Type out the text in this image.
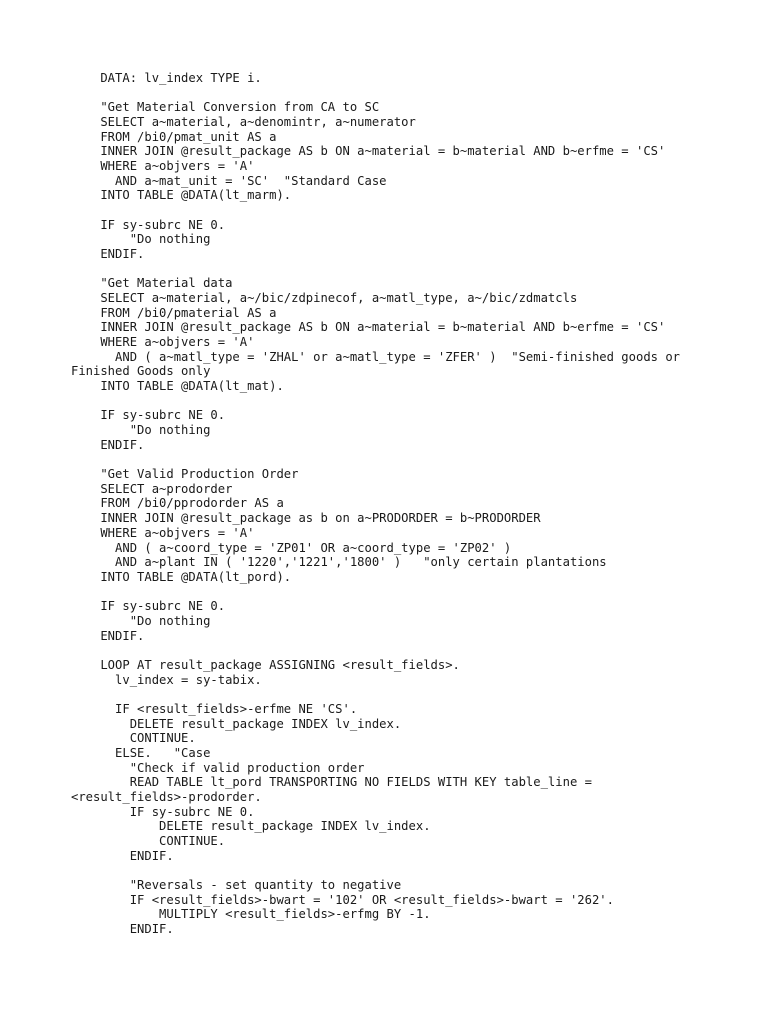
DATA: lv_index TYPE i.
"Get Material Conversion from CA to SC
SELECT a~material, a~denomintr, a~numerator
FROM /bi0/pmat_unit AS a
INNER JOIN @result_package AS b ON a~material = b~material AND b~erfme = 'CS'
WHERE a~objvers = 'A'
AND a~mat_unit = 'SC'  "Standard Case
INTO TABLE @DATA(lt_marm).
IF sy-subrc NE 0.
"Do nothing
ENDIF.
"Get Material data
SELECT a~material, a~/bic/zdpinecof, a~matl_type, a~/bic/zdmatcls
FROM /bi0/pmaterial AS a
INNER JOIN @result_package AS b ON a~material = b~material AND b~erfme = 'CS'
WHERE a~objvers = 'A'
AND ( a~matl_type = 'ZHAL' or a~matl_type = 'ZFER' )  "Semi-finished goods or
Finished Goods only
INTO TABLE @DATA(lt_mat).
IF sy-subrc NE 0.
"Do nothing
ENDIF.
"Get Valid Production Order
SELECT a~prodorder
FROM /bi0/pprodorder AS a
INNER JOIN @result_package as b on a~PRODORDER = b~PRODORDER
WHERE a~objvers = 'A'
AND ( a~coord_type = 'ZP01' OR a~coord_type = 'ZP02' )
AND a~plant IN ( '1220','1221','1800' )   "only certain plantations
INTO TABLE @DATA(lt_pord).
IF sy-subrc NE 0.
"Do nothing
ENDIF.
LOOP AT result_package ASSIGNING <result_fields>.
lv_index = sy-tabix.
IF <result_fields>-erfme NE 'CS'.
DELETE result_package INDEX lv_index.
CONTINUE.
ELSE.   "Case
"Check if valid production order
READ TABLE lt_pord TRANSPORTING NO FIELDS WITH KEY table_line =
<result_fields>-prodorder.
IF sy-subrc NE 0.
DELETE result_package INDEX lv_index.
CONTINUE.
ENDIF.
"Reversals - set quantity to negative
IF <result_fields>-bwart = '102' OR <result_fields>-bwart = '262'.
MULTIPLY <result_fields>-erfmg BY -1.
ENDIF.
